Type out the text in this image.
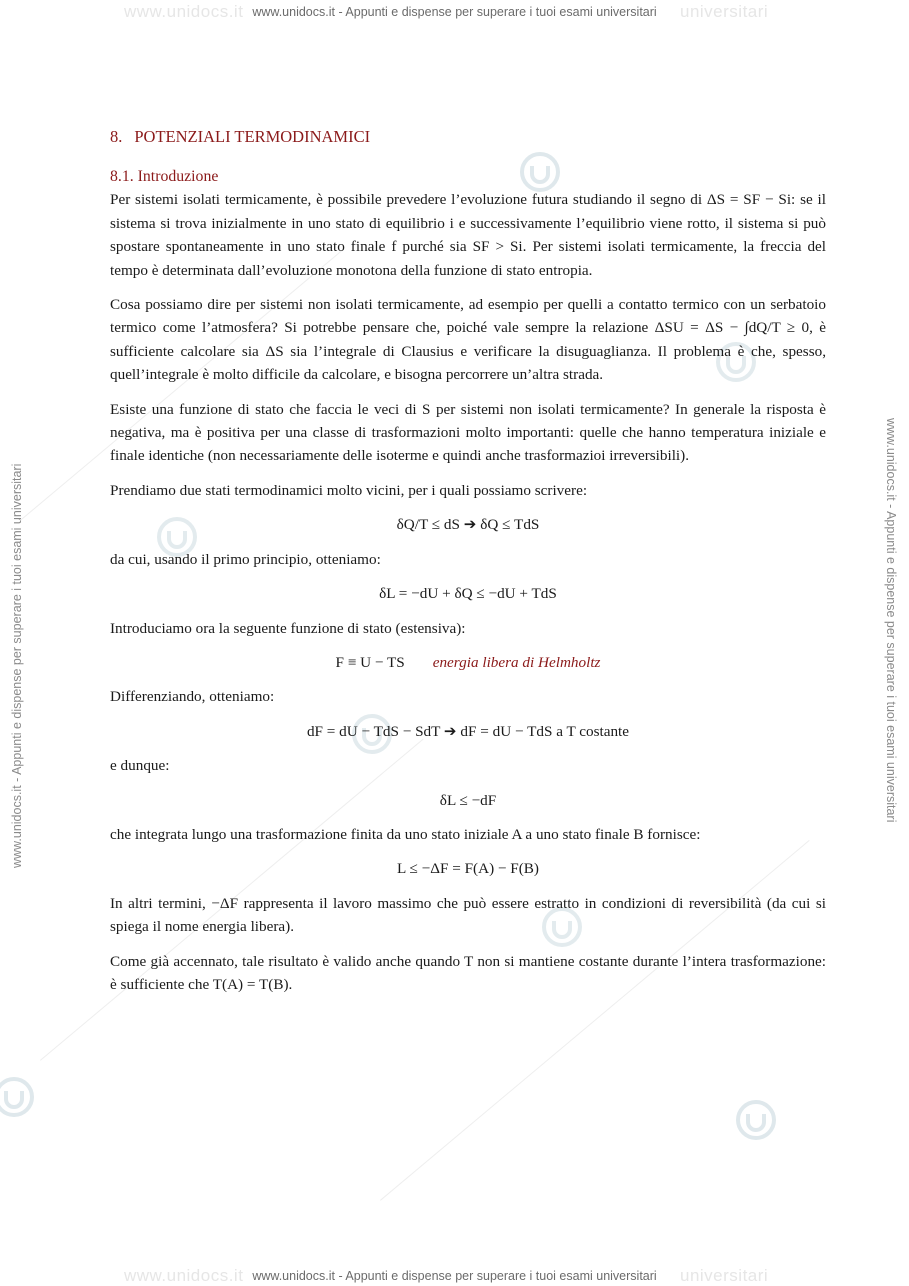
www.unidocs.it	universitari
www.unidocs.it	universitari
www.unidocs.it - Appunti e dispense per superare i tuoi esami universitari
www.unidocs.it - Appunti e dispense per superare i tuoi esami universitari
www.unidocs.it - Appunti e dispense per superare i tuoi esami universitari	www.unidocs.it - Appunti e dispense per superare i tuoi esami universitari
8. POTENZIALI TERMODINAMICI
8.1. Introduzione

Per sistemi isolati termicamente, è possibile prevedere l’evoluzione futura studiando il segno di ΔS = SF − Si: se il sistema si trova inizialmente in uno stato di equilibrio i e successivamente l’equilibrio viene rotto, il sistema si può spostare spontaneamente in uno stato finale f purché sia SF > Si. Per sistemi isolati termicamente, la freccia del tempo è determinata dall’evoluzione monotona della funzione di stato entropia.

Cosa possiamo dire per sistemi non isolati termicamente, ad esempio per quelli a contatto termico con un serbatoio termico come l’atmosfera? Si potrebbe pensare che, poiché vale sempre la relazione ΔSU = ΔS − ∫dQ/T ≥ 0, è sufficiente calcolare sia ΔS sia l’integrale di Clausius e verificare la disuguaglianza. Il problema è che, spesso, quell’integrale è molto difficile da calcolare, e bisogna percorrere un’altra strada.

Esiste una funzione di stato che faccia le veci di S per sistemi non isolati termicamente? In generale la risposta è negativa, ma è positiva per una classe di trasformazioni molto importanti: quelle che hanno temperatura iniziale e finale identiche (non necessariamente delle isoterme e quindi anche trasformazioi irreversibili).

Prendiamo due stati termodinamici molto vicini, per i quali possiamo scrivere:

δQ/T ≤ dS ➔ δQ ≤ TdS

da cui, usando il primo principio, otteniamo:

δL = −dU + δQ ≤ −dU + TdS

Introduciamo ora la seguente funzione di stato (estensiva):

F ≡ U − TS energia libera di Helmholtz

Differenziando, otteniamo:

dF = dU − TdS − SdT ➔ dF = dU − TdS a T costante

e dunque:

δL ≤ −dF

che integrata lungo una trasformazione finita da uno stato iniziale A a uno stato finale B fornisce:

L ≤ −ΔF = F(A) − F(B)

In altri termini, −ΔF rappresenta il lavoro massimo che può essere estratto in condizioni di reversibilità (da cui si spiega il nome energia libera).

Come già accennato, tale risultato è valido anche quando T non si mantiene costante durante l’intera trasformazione: è sufficiente che T(A) = T(B).
